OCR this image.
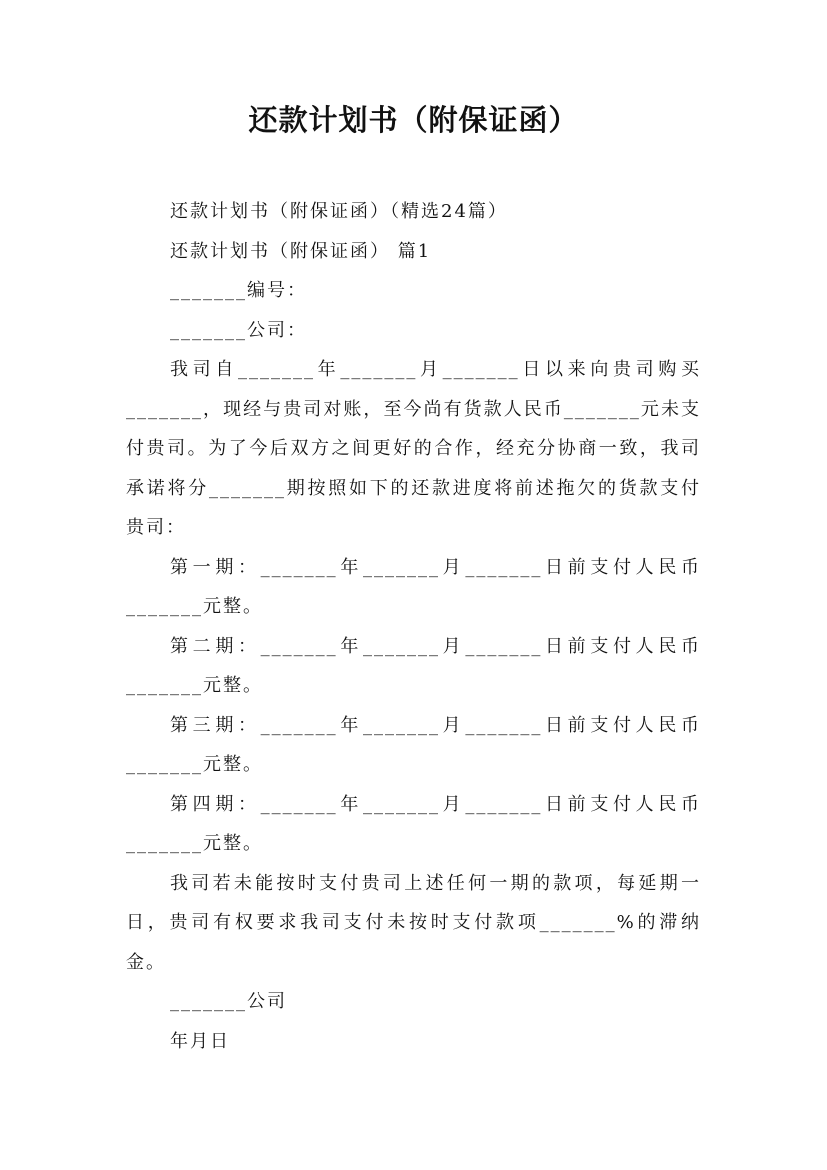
还款计划书（附保证函）

还款计划书（附保证函）（精选24篇）

还款计划书（附保证函） 篇1

_______编号：

_______公司：

我司自_______年_______月_______日以来向贵司购买_______，现经与贵司对账，至今尚有货款人民币_______元未支付贵司。为了今后双方之间更好的合作，经充分协商一致，我司承诺将分_______期按照如下的还款进度将前述拖欠的货款支付贵司：

第一期：_______年_______月_______日前支付人民币_______元整。

第二期：_______年_______月_______日前支付人民币_______元整。

第三期：_______年_______月_______日前支付人民币_______元整。

第四期：_______年_______月_______日前支付人民币_______元整。

我司若未能按时支付贵司上述任何一期的款项，每延期一日，贵司有权要求我司支付未按时支付款项_______%的滞纳金。

_______公司

年月日
